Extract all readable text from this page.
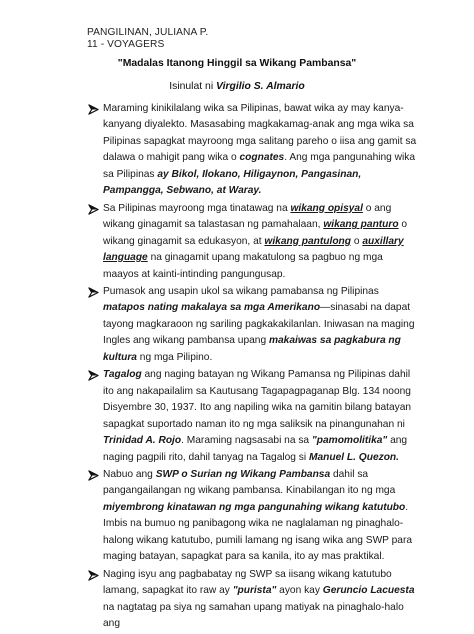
PANGILINAN, JULIANA P.
11 - VOYAGERS
"Madalas Itanong Hinggil sa Wikang Pambansa"
Isinulat ni Virgilio S. Almario
Maraming kinikilalang wika sa Pilipinas, bawat wika ay may kanya-kanyang diyalekto. Masasabing magkakamag-anak ang mga wika sa Pilipinas sapagkat mayroong mga salitang pareho o iisa ang gamit sa dalawa o mahigit pang wika o cognates. Ang mga pangunahing wika sa Pilipinas ay Bikol, Ilokano, Hiligaynon, Pangasinan, Pampangga, Sebwano, at Waray.
Sa Pilipinas mayroong mga tinatawag na wikang opisyal o ang wikang ginagamit sa talastasan ng pamahalaan, wikang panturo o wikang ginagamit sa edukasyon, at wikang pantulong o auxillary language na ginagamit upang makatulong sa pagbuo ng mga maayos at kainti-intinding pangungusap.
Pumasok ang usapin ukol sa wikang pamabansa ng Pilipinas matapos nating makalaya sa mga Amerikano—sinasabi na dapat tayong magkaraoon ng sariling pagkakakilanlan. Iniwasan na maging Ingles ang wikang pambansa upang makaiwas sa pagkabura ng kultura ng mga Pilipino.
Tagalog ang naging batayan ng Wikang Pamansa ng Pilipinas dahil ito ang nakapailalim sa Kautusang Tagapagpaganap Blg. 134 noong Disyembre 30, 1937. Ito ang napiling wika na gamitin bilang batayan sapagkat suportado naman ito ng mga saliksik na pinangunahan ni Trinidad A. Rojo. Maraming nagsasabi na sa "pamomolitika" ang naging pagpili rito, dahil tanyag na Tagalog si Manuel L. Quezon.
Nabuo ang SWP o Surian ng Wikang Pambansa dahil sa pangangailangan ng wikang pambansa. Kinabilangan ito ng mga miyembrong kinatawan ng mga pangunahing wikang katutubo. Imbis na bumuo ng panibagong wika ne naglalaman ng pinaghalo-halong wikang katutubo, pumili lamang ng isang wika ang SWP para maging batayan, sapagkat para sa kanila, ito ay mas praktikal.
Naging isyu ang pagbabatay ng SWP sa iisang wikang katutubo lamang, sapagkat ito raw ay "purista" ayon kay Geruncio Lacuesta na nagtatag pa siya ng samahan upang matiyak na pinaghalo-halo ang
